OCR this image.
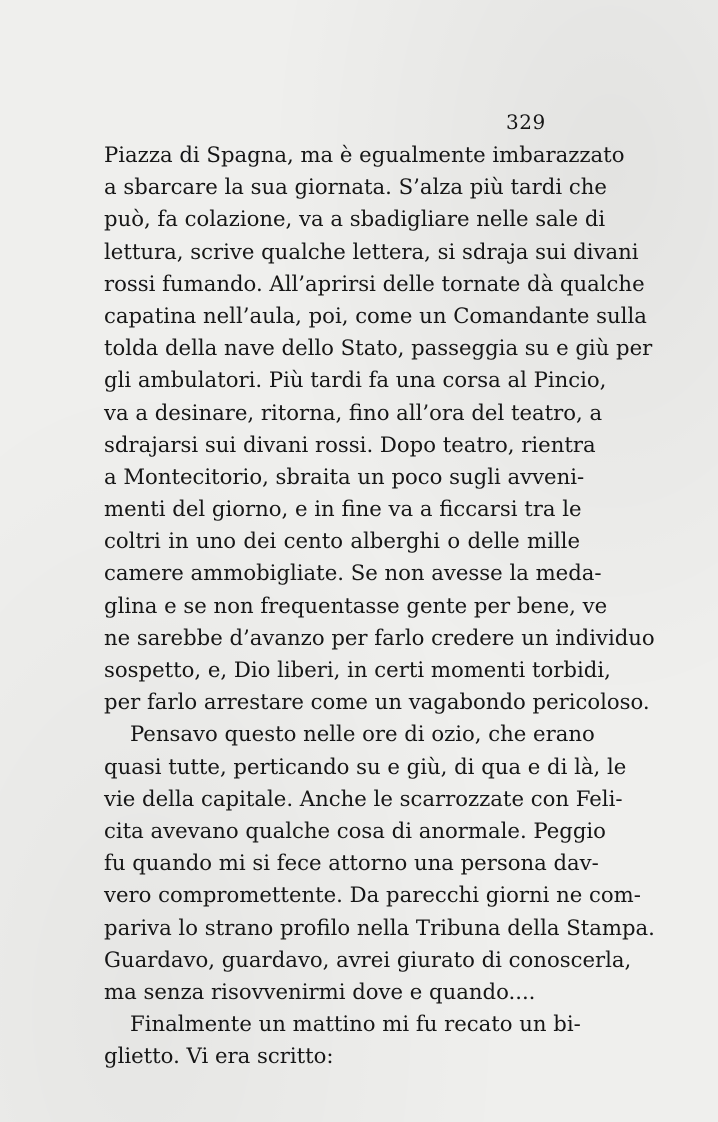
329
Piazza di Spagna, ma è egualmente imbarazzato
a sbarcare la sua giornata. S’alza più tardi che
può, fa colazione, va a sbadigliare nelle sale di
lettura, scrive qualche lettera, si sdraja sui divani
rossi fumando. All’aprirsi delle tornate dà qualche
capatina nell’aula, poi, come un Comandante sulla
tolda della nave dello Stato, passeggia su e giù per
gli ambulatori. Più tardi fa una corsa al Pincio,
va a desinare, ritorna, fino all’ora del teatro, a
sdrajarsi sui divani rossi. Dopo teatro, rientra
a Montecitorio, sbraita un poco sugli avveni-
menti del giorno, e in fine va a ficcarsi tra le
coltri in uno dei cento alberghi o delle mille
camere ammobigliate. Se non avesse la meda-
glina e se non frequentasse gente per bene, ve
ne sarebbe d’avanzo per farlo credere un individuo
sospetto, e, Dio liberi, in certi momenti torbidi,
per farlo arrestare come un vagabondo pericoloso.
Pensavo questo nelle ore di ozio, che erano
quasi tutte, perticando su e giù, di qua e di là, le
vie della capitale. Anche le scarrozzate con Feli-
cita avevano qualche cosa di anormale. Peggio
fu quando mi si fece attorno una persona dav-
vero compromettente. Da parecchi giorni ne com-
pariva lo strano profilo nella Tribuna della Stampa.
Guardavo, guardavo, avrei giurato di conoscerla,
ma senza risovvenirmi dove e quando....
Finalmente un mattino mi fu recato un bi-
glietto. Vi era scritto:
